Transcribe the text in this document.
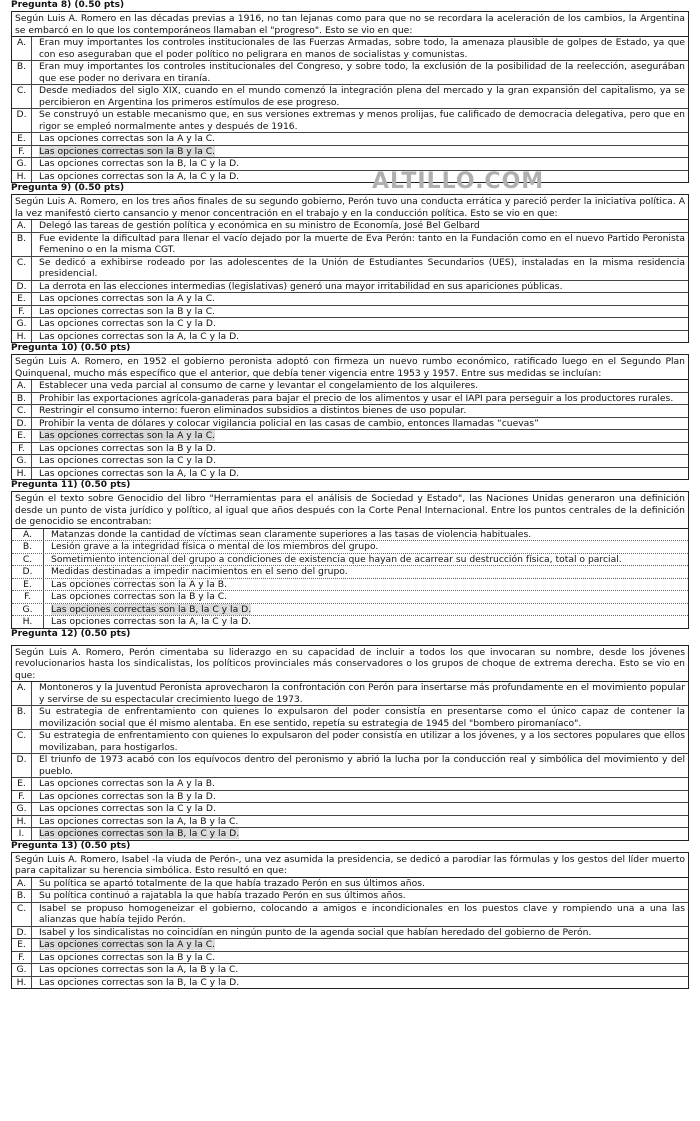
Pregunta 8) (0.50 pts)
Según Luis A. Romero en las décadas previas a 1916, no tan lejanas como para que no se recordara la aceleración de los cambios, la Argentina se embarcó en lo que los contemporáneos llamaban el "progreso". Esto se vio en que:
A.	Eran muy importantes los controles institucionales de las Fuerzas Armadas, sobre todo, la amenaza plausible de golpes de Estado, ya que con eso aseguraban que el poder político no peligrara en manos de socialistas y comunistas.
B.	Eran muy importantes los controles institucionales del Congreso, y sobre todo, la exclusión de la posibilidad de la reelección, asegurában que ese poder no derivara en tiranía.
C.	Desde mediados del siglo XIX, cuando en el mundo comenzó la integración plena del mercado y la gran expansión del capitalismo, ya se percibieron en Argentina los primeros estímulos de ese progreso.
D.	Se construyó un estable mecanismo que, en sus versiones extremas y menos prolijas, fue calificado de democracia delegativa, pero que en rigor se empleó normalmente antes y después de 1916.
E.	Las opciones correctas son la A y la C.
F.	Las opciones correctas son la B y la C.
G.	Las opciones correctas son la B, la C y la D.
H.	Las opciones correctas son la A, la C y la D.
Pregunta 9) (0.50 pts)
Según Luis A. Romero, en los tres años finales de su segundo gobierno, Perón tuvo una conducta errática y pareció perder la iniciativa política. A la vez manifestó cierto cansancio y menor concentración en el trabajo y en la conducción política. Esto se vio en que:
A.	Delegó las tareas de gestión política y económica en su ministro de Economía, José Bel Gelbard
B.	Fue evidente la dificultad para llenar el vacío dejado por la muerte de Eva Perón: tanto en la Fundación como en el nuevo Partido Peronista Femenino o en la misma CGT.
C.	Se dedicó a exhibirse rodeado por las adolescentes de la Unión de Estudiantes Secundarios (UES), instaladas en la misma residencia presidencial.
D.	La derrota en las elecciones intermedias (legislativas) generó una mayor irritabilidad en sus apariciones públicas.
E.	Las opciones correctas son la A y la C.
F.	Las opciones correctas son la B y la C.
G.	Las opciones correctas son la C y la D.
H.	Las opciones correctas son la A, la C y la D.
Pregunta 10) (0.50 pts)
Según Luis A. Romero, en 1952 el gobierno peronista adoptó con firmeza un nuevo rumbo económico, ratificado luego en el Segundo Plan Quinquenal, mucho más específico que el anterior, que debía tener vigencia entre 1953 y 1957. Entre sus medidas se incluían:
A.	Establecer una veda parcial al consumo de carne y levantar el congelamiento de los alquileres.
B.	Prohibir las exportaciones agrícola-ganaderas para bajar el precio de los alimentos y usar el IAPI para perseguir a los productores rurales.
C.	Restringir el consumo interno: fueron eliminados subsidios a distintos bienes de uso popular.
D.	Prohibir la venta de dólares y colocar vigilancia policial en las casas de cambio, entonces llamadas “cuevas”
E.	Las opciones correctas son la A y la C.
F.	Las opciones correctas son la B y la D.
G.	Las opciones correctas son la C y la D.
H.	Las opciones correctas son la A, la C y la D.
Pregunta 11) (0.50 pts)
Según el texto sobre Genocidio del libro "Herramientas para el análisis de Sociedad y Estado", las Naciones Unidas generaron una definición desde un punto de vista jurídico y político, al igual que años después con la Corte Penal Internacional. Entre los puntos centrales de la definición de genocidio se encontraban:
A.	Matanzas donde la cantidad de víctimas sean claramente superiores a las tasas de violencia habituales.
B.	Lesión grave a la integridad física o mental de los miembros del grupo.
C.	Sometimiento intencional del grupo a condiciones de existencia que hayan de acarrear su destrucción física, total o parcial.
D.	Medidas destinadas a impedir nacimientos en el seno del grupo.
E.	Las opciones correctas son la A y la B.
F.	Las opciones correctas son la B y la C.
G.	Las opciones correctas son la B, la C y la D.
H.	Las opciones correctas son la A, la C y la D.
Pregunta 12) (0.50 pts)
Según Luis A. Romero, Perón cimentaba su liderazgo en su capacidad de incluir a todos los que invocaran su nombre, desde los jóvenes revolucionarios hasta los sindicalistas, los políticos provinciales más conservadores o los grupos de choque de extrema derecha. Esto se vio en que:
A.	Montoneros y la Juventud Peronista aprovecharon la confrontación con Perón para insertarse más profundamente en el movimiento popular y servirse de su espectacular crecimiento luego de 1973.
B.	Su estrategia de enfrentamiento con quienes lo expulsaron del poder consistía en presentarse como el único capaz de contener la movilización social que él mismo alentaba. En ese sentido, repetía su estrategia de 1945 del "bombero piromaníaco".
C.	Su estrategia de enfrentamiento con quienes lo expulsaron del poder consistía en utilizar a los jóvenes, y a los sectores populares que ellos movilizaban, para hostigarlos.
D.	El triunfo de 1973 acabó con los equívocos dentro del peronismo y abrió la lucha por la conducción real y simbólica del movimiento y del pueblo.
E.	Las opciones correctas son la A y la B.
F.	Las opciones correctas son la B y la D.
G.	Las opciones correctas son la C y la D.
H.	Las opciones correctas son la A, la B y la C.
I.	Las opciones correctas son la B, la C y la D.
Pregunta 13) (0.50 pts)
Según Luis A. Romero, Isabel -la viuda de Perón-, una vez asumida la presidencia, se dedicó a parodiar las fórmulas y los gestos del líder muerto para capitalizar su herencia simbólica. Esto resultó en que:
A.	Su política se apartó totalmente de la que había trazado Perón en sus últimos años.
B.	Su política continuó a rajatabla la que había trazado Perón en sus últimos años.
C.	Isabel se propuso homogeneizar el gobierno, colocando a amigos e incondicionales en los puestos clave y rompiendo una a una las alianzas que había tejido Perón.
D.	Isabel y los sindicalistas no coincidían en ningún punto de la agenda social que habían heredado del gobierno de Perón.
E.	Las opciones correctas son la A y la C.
F.	Las opciones correctas son la B y la C.
G.	Las opciones correctas son la A, la B y la C.
H.	Las opciones correctas son la B, la C y la D.
ALTILLO.COM
